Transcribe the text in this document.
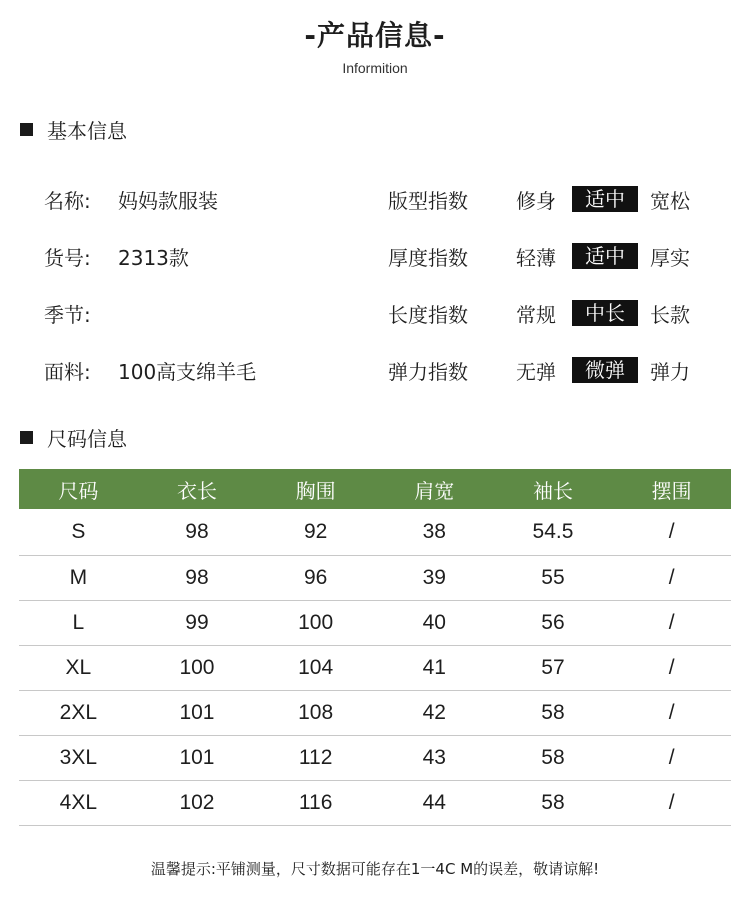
-产品信息-
Informition
基本信息
名称:	妈妈款服装
货号:	2313款
季节:
面料:	100高支绵羊毛
版型指数	修身	适中	宽松
厚度指数	轻薄	适中	厚实
长度指数	常规	中长	长款
弹力指数	无弹	微弹	弹力
尺码信息
尺码	衣长	胸围	肩宽	袖长	摆围
S	98	92	38	54.5	/
M	98	96	39	55	/
L	99	100	40	56	/
XL	100	104	41	57	/
2XL	101	108	42	58	/
3XL	101	112	43	58	/
4XL	102	116	44	58	/
温馨提示:平铺测量，尺寸数据可能存在1一4C M的误差，敬请谅解!
